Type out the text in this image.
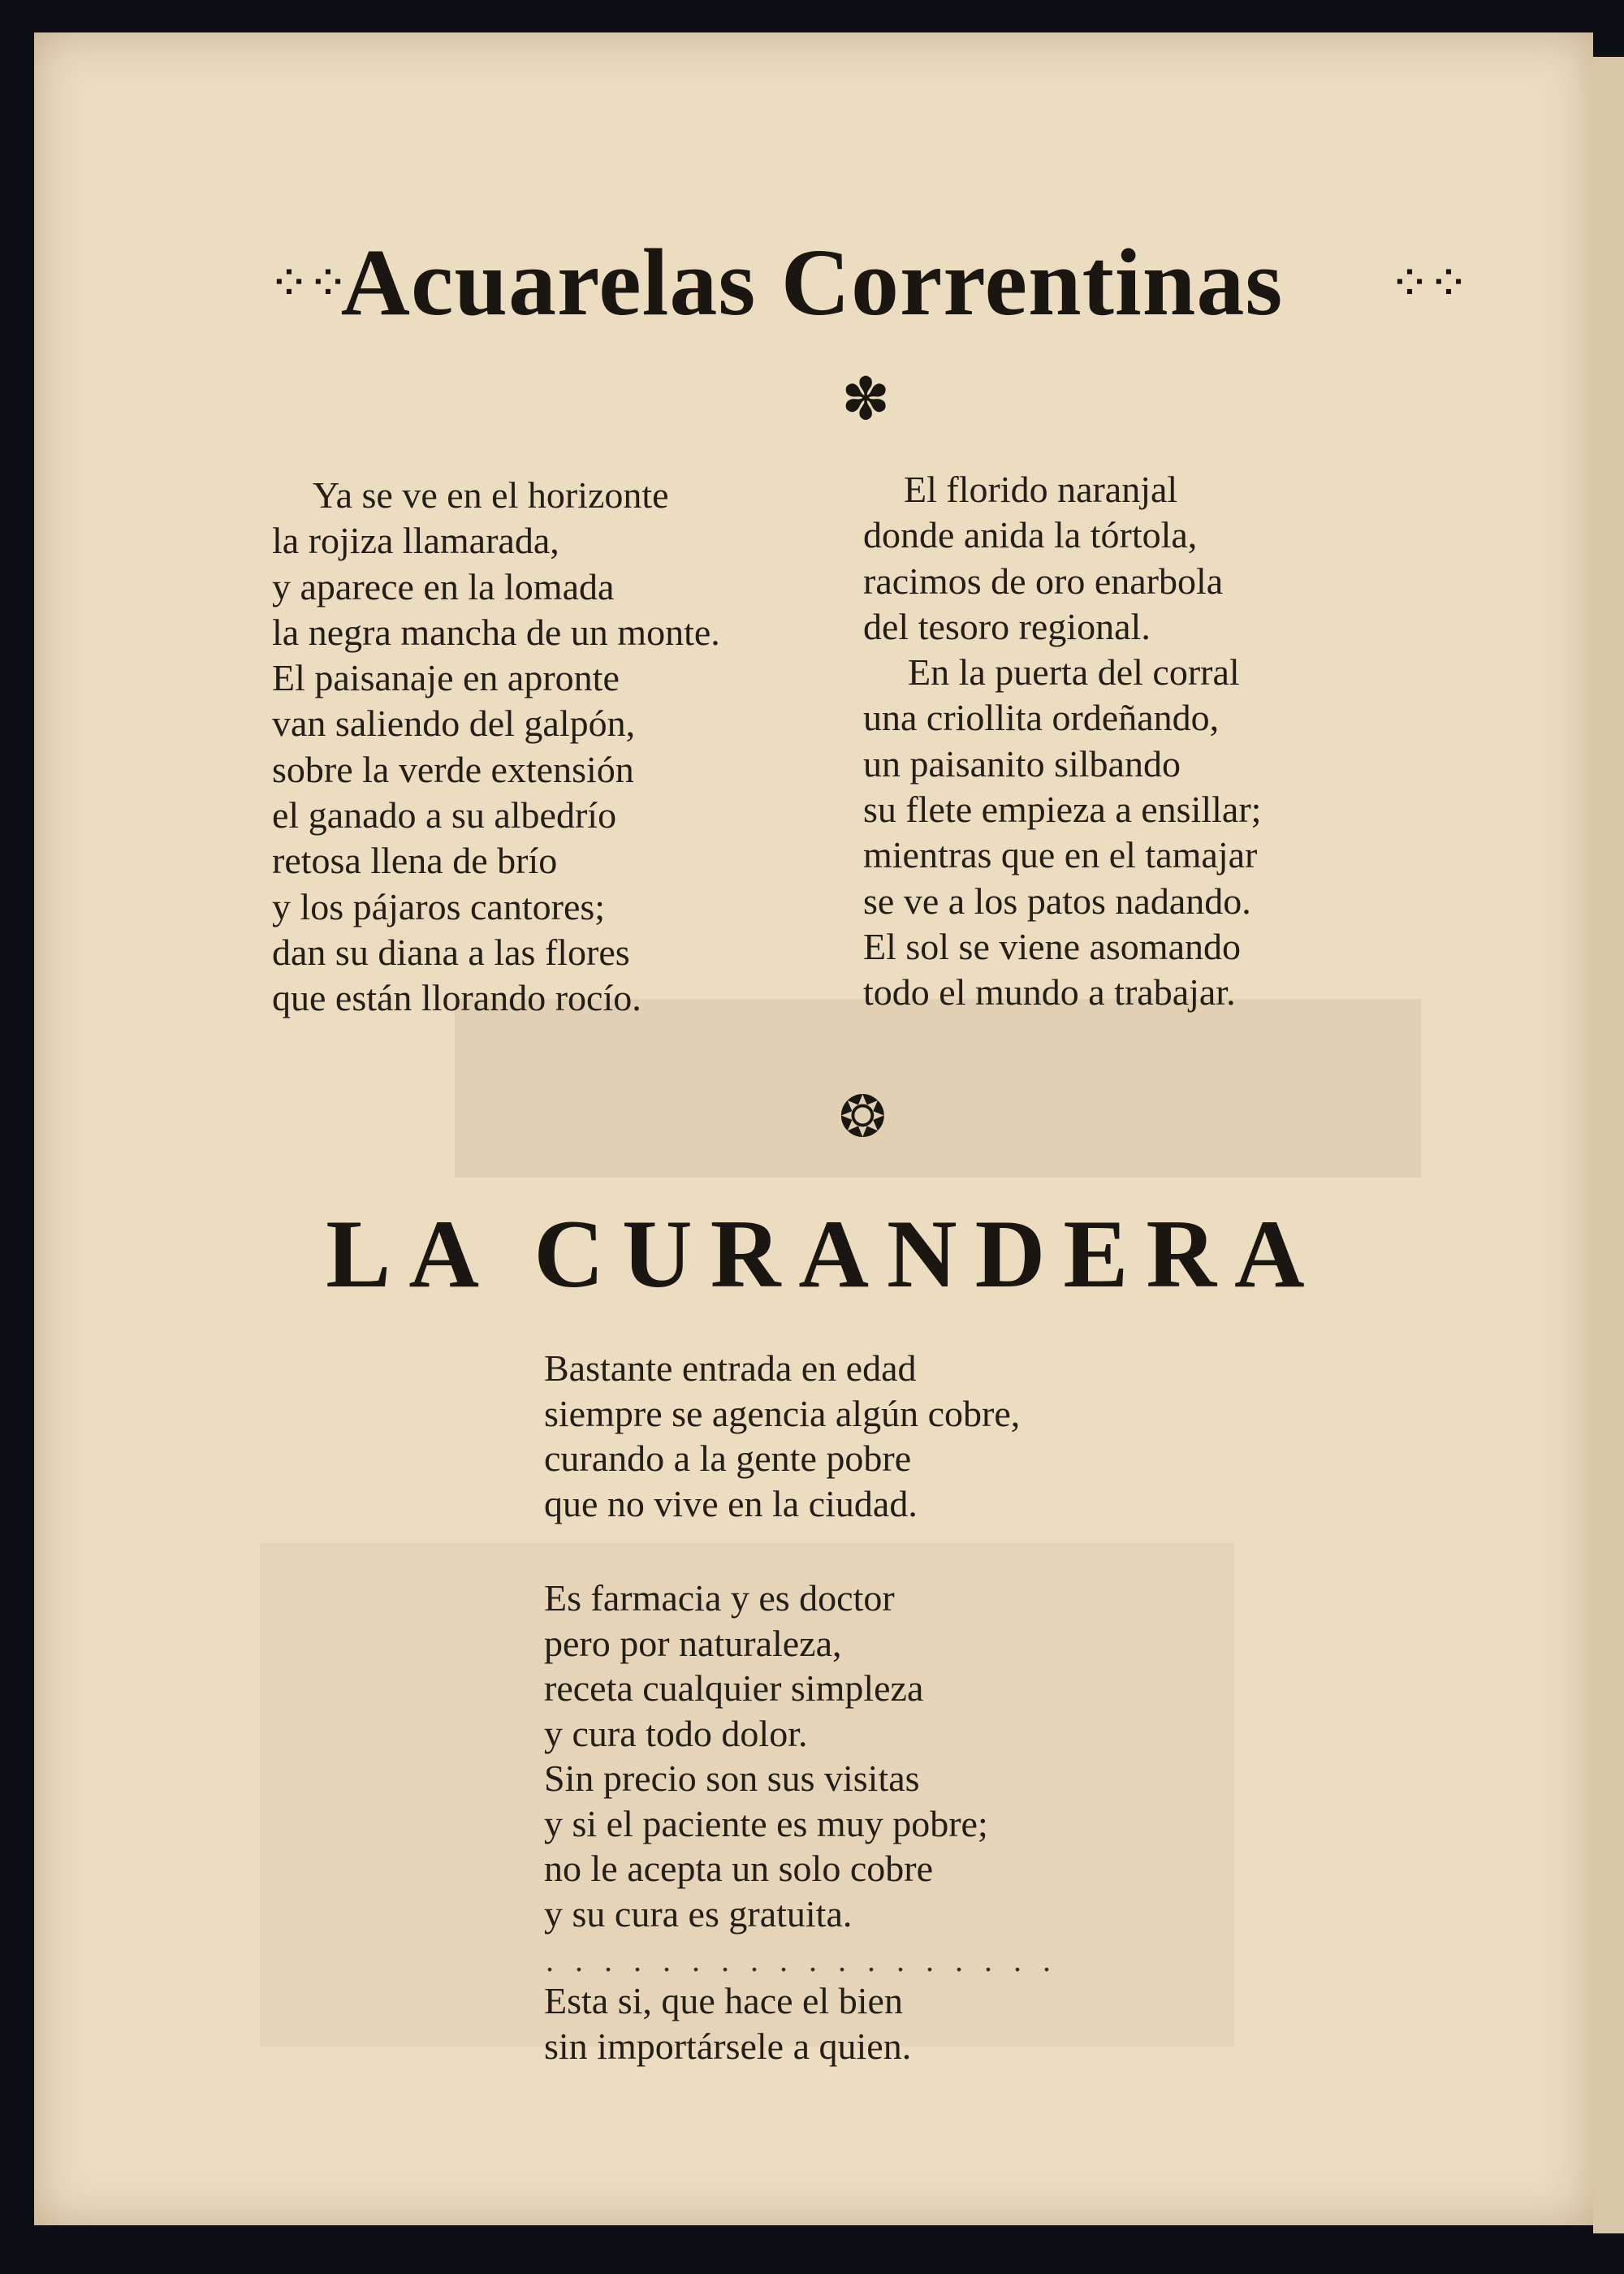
⁘⁘
Acuarelas Correntinas	⁘⁘
✽
Ya se ve en el horizonte
la rojiza llamarada,
y aparece en la lomada
la negra mancha de un monte.
El paisanaje en apronte
van saliendo del galpón,
sobre la verde extensión
el ganado a su albedrío
retosa llena de brío
y los pájaros cantores;
dan su diana a las flores
que están llorando rocío.
El florido naranjal
donde anida la tórtola,
racimos de oro enarbola
del tesoro regional.
En la puerta del corral
una criollita ordeñando,
un paisanito silbando
su flete empieza a ensillar;
mientras que en el tamajar
se ve a los patos nadando.
El sol se viene asomando
todo el mundo a trabajar.
❂
LA CURANDERA
Bastante entrada en edad
siempre se agencia algún cobre,
curando a la gente pobre
que no vive en la ciudad.
Es farmacia y es doctor
pero por naturaleza,
receta cualquier simpleza
y cura todo dolor.
Sin precio son sus visitas
y si el paciente es muy pobre;
no le acepta un solo cobre
y su cura es gratuita.
. . . . . . . . . . . . . . . . . .
Esta si, que hace el bien
sin importársele a quien.
